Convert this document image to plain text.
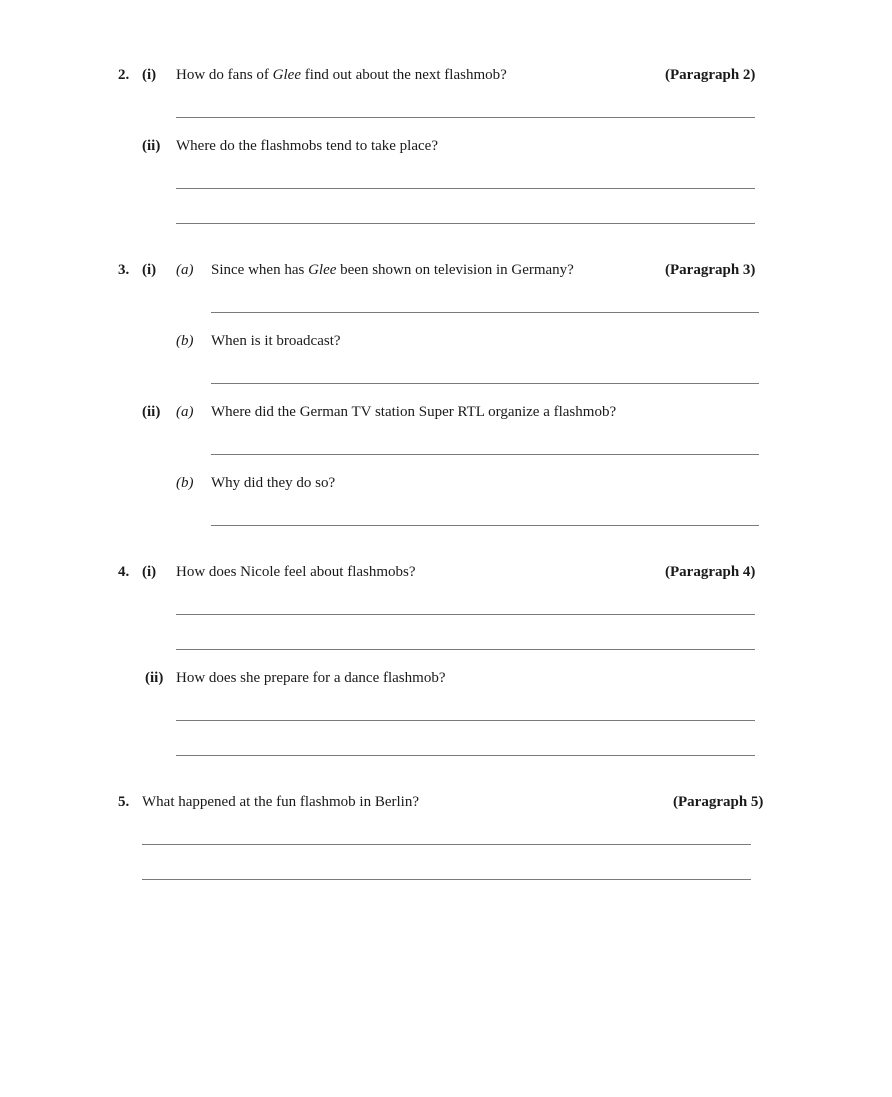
2. (i) How do fans of Glee find out about the next flashmob?	(Paragraph 2)
(ii) Where do the flashmobs tend to take place?
3. (i) (a) Since when has Glee been shown on television in Germany?	(Paragraph 3)
(b) When is it broadcast?
(ii) (a) Where did the German TV station Super RTL organize a flashmob?
(b) Why did they do so?
4. (i) How does Nicole feel about flashmobs?	(Paragraph 4)
(ii) How does she prepare for a dance flashmob?
5. What happened at the fun flashmob in Berlin?	(Paragraph 5)
